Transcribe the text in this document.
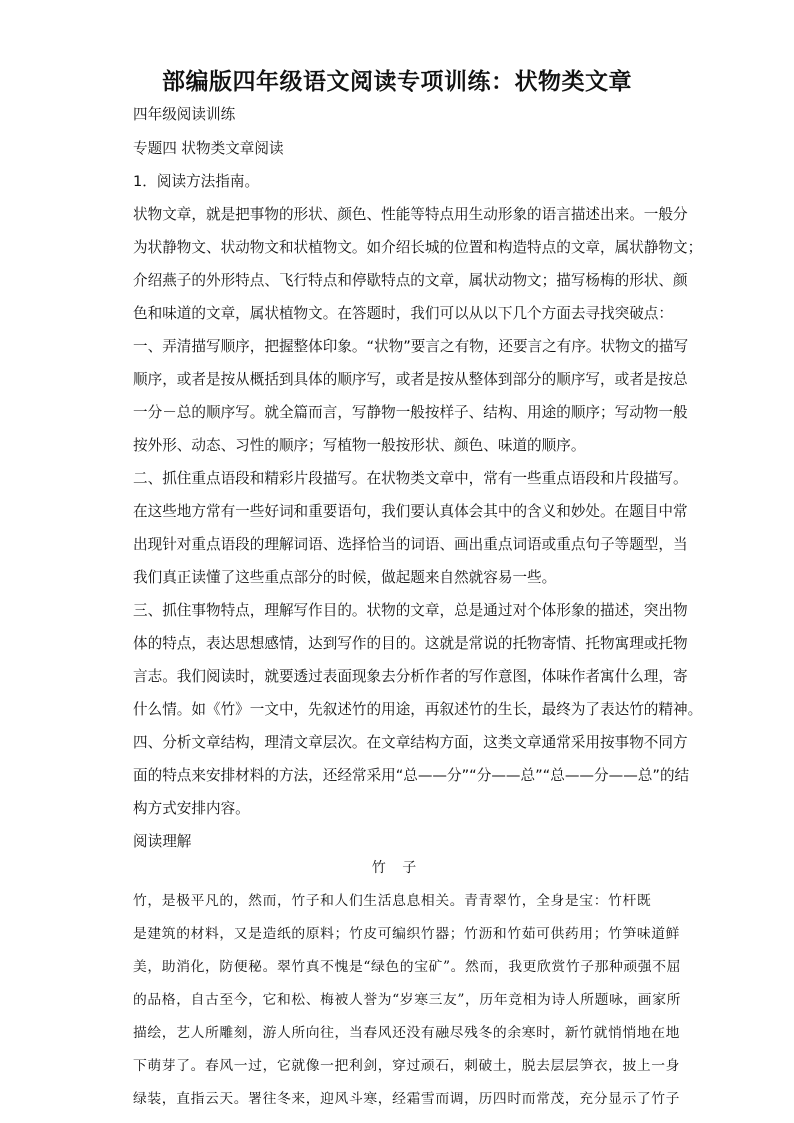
部编版四年级语文阅读专项训练：状物类文章
四年级阅读训练
专题四 状物类文章阅读
1．阅读方法指南。
状物文章，就是把事物的形状、颜色、性能等特点用生动形象的语言描述出来。一般分
为状静物文、状动物文和状植物文。如介绍长城的位置和构造特点的文章，属状静物文；
介绍燕子的外形特点、飞行特点和停歇特点的文章，属状动物文；描写杨梅的形状、颜
色和味道的文章，属状植物文。在答题时，我们可以从以下几个方面去寻找突破点：
一、弄清描写顺序，把握整体印象。“状物”要言之有物，还要言之有序。状物文的描写
顺序，或者是按从概括到具体的顺序写，或者是按从整体到部分的顺序写，或者是按总
一分－总的顺序写。就全篇而言，写静物一般按样子、结构、用途的顺序；写动物一般
按外形、动态、习性的顺序；写植物一般按形状、颜色、味道的顺序。
二、抓住重点语段和精彩片段描写。在状物类文章中，常有一些重点语段和片段描写。
在这些地方常有一些好词和重要语句，我们要认真体会其中的含义和妙处。在题目中常
出现针对重点语段的理解词语、选择恰当的词语、画出重点词语或重点句子等题型，当
我们真正读懂了这些重点部分的时候，做起题来自然就容易一些。
三、抓住事物特点，理解写作目的。状物的文章，总是通过对个体形象的描述，突出物
体的特点，表达思想感情，达到写作的目的。这就是常说的托物寄情、托物寓理或托物
言志。我们阅读时，就要透过表面现象去分析作者的写作意图，体味作者寓什么理，寄
什么情。如《竹》一文中，先叙述竹的用途，再叙述竹的生长，最终为了表达竹的精神。
四、分析文章结构，理清文章层次。在文章结构方面，这类文章通常采用按事物不同方
面的特点来安排材料的方法，还经常采用“总——分”“分——总”“总——分——总”的结
构方式安排内容。
阅读理解
竹 子
竹，是极平凡的，然而，竹子和人们生活息息相关。青青翠竹，全身是宝：竹杆既
是建筑的材料，又是造纸的原料；竹皮可编织竹器；竹沥和竹茹可供药用；竹笋味道鲜
美，助消化，防便秘。翠竹真不愧是“绿色的宝矿”。然而，我更欣赏竹子那种顽强不屈
的品格，自古至今，它和松、梅被人誉为“岁寒三友”，历年竞相为诗人所题咏，画家所
描绘，艺人所雕刻，游人所向往，当春风还没有融尽残冬的余寒时，新竹就悄悄地在地
下萌芽了。春风一过，它就像一把利剑，穿过顽石，刺破土，脱去层层笋衣，披上一身
绿装，直指云天。署往冬来，迎风斗寒，经霜雪而调，历四时而常茂，充分显示了竹子
